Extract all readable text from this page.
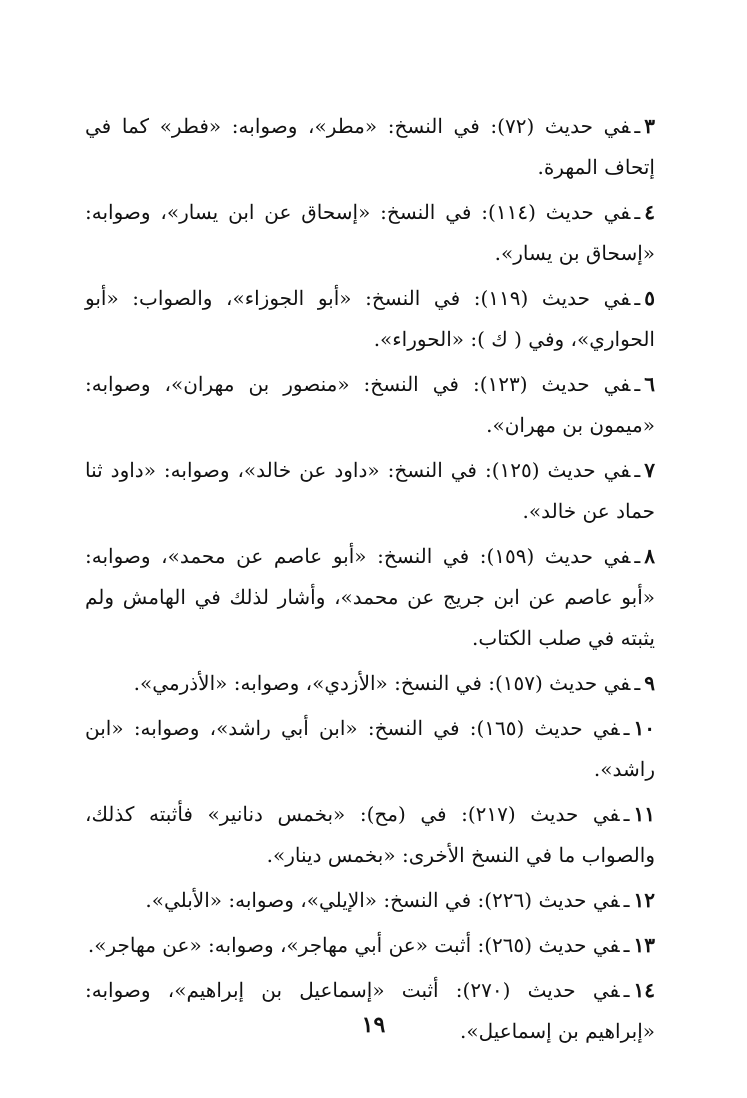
٣ـفي حديث (٧٢): في النسخ: «مطر»، وصوابه: «فطر» كما في إتحاف المهرة.
٤ـفي حديث (١١٤): في النسخ: «إسحاق عن ابن يسار»، وصوابه: «إسحاق بن يسار».
٥ـفي حديث (١١٩): في النسخ: «أبو الجوزاء»، والصواب: «أبو الحواري»، وفي ( ك ): «الحوراء».
٦ـفي حديث (١٢٣): في النسخ: «منصور بن مهران»، وصوابه: «ميمون بن مهران».
٧ـفي حديث (١٢٥): في النسخ: «داود عن خالد»، وصوابه: «داود ثنا حماد عن خالد».
٨ـفي حديث (١٥٩): في النسخ: «أبو عاصم عن محمد»، وصوابه: «أبو عاصم عن ابن جريج عن محمد»، وأشار لذلك في الهامش ولم يثبته في صلب الكتاب.
٩ـفي حديث (١٥٧): في النسخ: «الأزدي»، وصوابه: «الأذرمي».
١٠ـفي حديث (١٦٥): في النسخ: «ابن أبي راشد»، وصوابه: «ابن راشد».
١١ـفي حديث (٢١٧): في (مح): «بخمس دنانير» فأثبته كذلك، والصواب ما في النسخ الأخرى: «بخمس دينار».
١٢ـفي حديث (٢٢٦): في النسخ: «الإيلي»، وصوابه: «الأبلي».
١٣ـفي حديث (٢٦٥): أثبت «عن أبي مهاجر»، وصوابه: «عن مهاجر».
١٤ـفي حديث (٢٧٠): أثبت «إسماعيل بن إبراهيم»، وصوابه: «إبراهيم بن إسماعيل».
١٩
